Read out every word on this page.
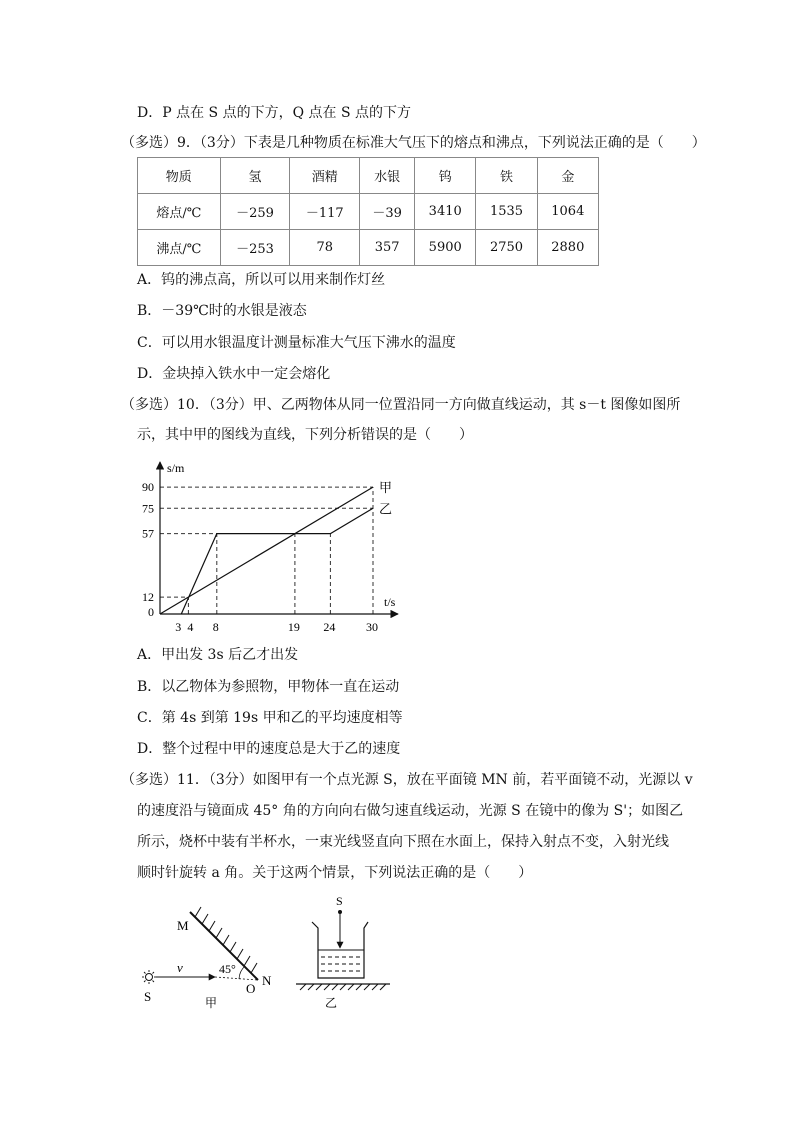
D．P 点在 S 点的下方，Q 点在 S 点的下方
（多选）9．（3分）下表是几种物质在标准大气压下的熔点和沸点，下列说法正确的是（　　）
物质	氢	酒精	水银	钨	铁	金
熔点/℃	－259	－117	－39	3410	1535	1064
沸点/℃	－253	78	357	5900	2750	2880
A．钨的沸点高，所以可以用来制作灯丝
B．－39℃时的水银是液态
C．可以用水银温度计测量标准大气压下沸水的温度
D．金块掉入铁水中一定会熔化
（多选）10．（3分）甲、乙两物体从同一位置沿同一方向做直线运动，其 s－t 图像如图所
示，其中甲的图线为直线，下列分析错误的是（　　）
甲
乙
3 4 8	19 24	30
0
12
57
75
90
s/m
t/s
A．甲出发 3s 后乙才出发
B．以乙物体为参照物，甲物体一直在运动
C．第 4s 到第 19s 甲和乙的平均速度相等
D．整个过程中甲的速度总是大于乙的速度
（多选）11．（3分）如图甲有一个点光源 S，放在平面镜 MN 前，若平面镜不动，光源以 v
的速度沿与镜面成 45° 角的方向向右做匀速直线运动，光源 S 在镜中的像为 S'；如图乙
所示，烧杯中装有半杯水，一束光线竖直向下照在水面上，保持入射点不变，入射光线
顺时针旋转 a 角。关于这两个情景，下列说法正确的是（　　）
M
N
O
S
v	45°
甲
S
乙
